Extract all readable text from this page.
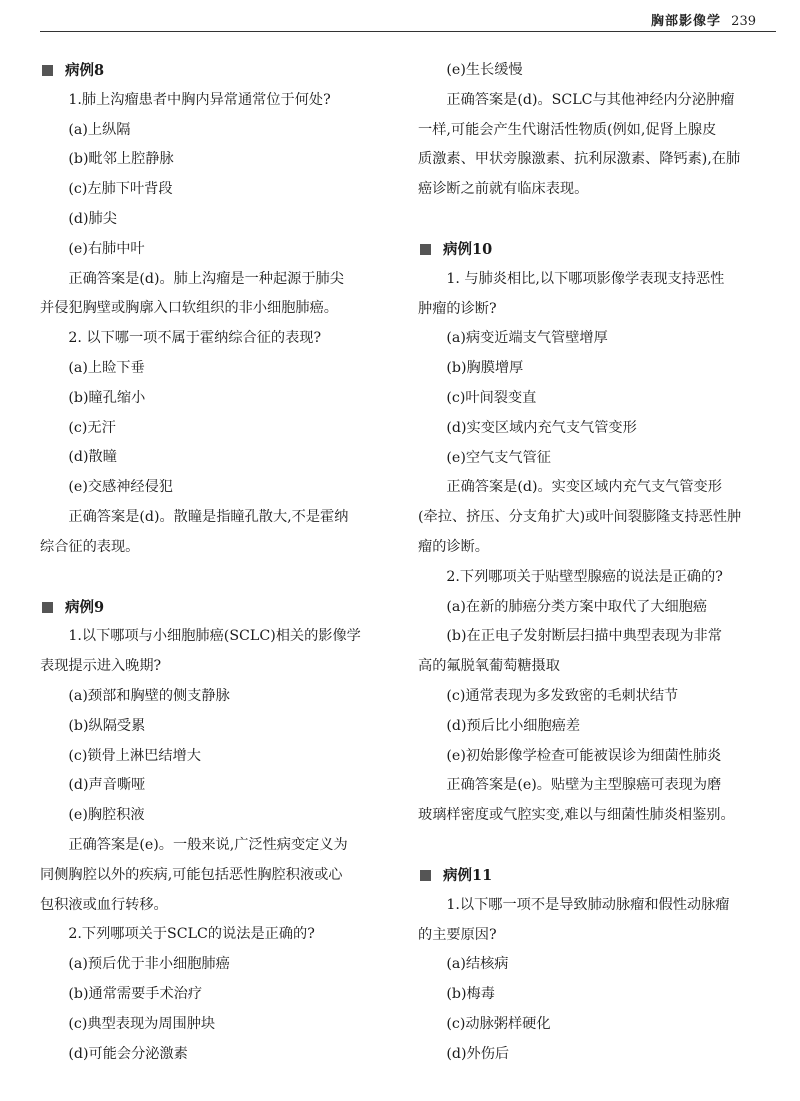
胸部影像学 239
病例8

1.肺上沟瘤患者中胸内异常通常位于何处?

(a)上纵隔

(b)毗邻上腔静脉

(c)左肺下叶背段

(d)肺尖

(e)右肺中叶

正确答案是(d)。肺上沟瘤是一种起源于肺尖

并侵犯胸壁或胸廓入口软组织的非小细胞肺癌。

2. 以下哪一项不属于霍纳综合征的表现?

(a)上睑下垂

(b)瞳孔缩小

(c)无汗

(d)散瞳

(e)交感神经侵犯

正确答案是(d)。散瞳是指瞳孔散大,不是霍纳

综合征的表现。

病例9

1.以下哪项与小细胞肺癌(SCLC)相关的影像学

表现提示进入晚期?

(a)颈部和胸壁的侧支静脉

(b)纵隔受累

(c)锁骨上淋巴结增大

(d)声音嘶哑

(e)胸腔积液

正确答案是(e)。一般来说,广泛性病变定义为

同侧胸腔以外的疾病,可能包括恶性胸腔积液或心

包积液或血行转移。

2.下列哪项关于SCLC的说法是正确的?

(a)预后优于非小细胞肺癌

(b)通常需要手术治疗

(c)典型表现为周围肿块

(d)可能会分泌激素

(e)生长缓慢

正确答案是(d)。SCLC与其他神经内分泌肿瘤

一样,可能会产生代谢活性物质(例如,促肾上腺皮

质激素、甲状旁腺激素、抗利尿激素、降钙素),在肺

癌诊断之前就有临床表现。

病例10

1. 与肺炎相比,以下哪项影像学表现支持恶性

肿瘤的诊断?

(a)病变近端支气管壁增厚

(b)胸膜增厚

(c)叶间裂变直

(d)实变区域内充气支气管变形

(e)空气支气管征

正确答案是(d)。实变区域内充气支气管变形

(牵拉、挤压、分支角扩大)或叶间裂膨隆支持恶性肿

瘤的诊断。

2.下列哪项关于贴壁型腺癌的说法是正确的?

(a)在新的肺癌分类方案中取代了大细胞癌

(b)在正电子发射断层扫描中典型表现为非常

高的氟脱氧葡萄糖摄取

(c)通常表现为多发致密的毛刺状结节

(d)预后比小细胞癌差

(e)初始影像学检查可能被误诊为细菌性肺炎

正确答案是(e)。贴壁为主型腺癌可表现为磨

玻璃样密度或气腔实变,难以与细菌性肺炎相鉴别。

病例11

1.以下哪一项不是导致肺动脉瘤和假性动脉瘤

的主要原因?

(a)结核病

(b)梅毒

(c)动脉粥样硬化

(d)外伤后
